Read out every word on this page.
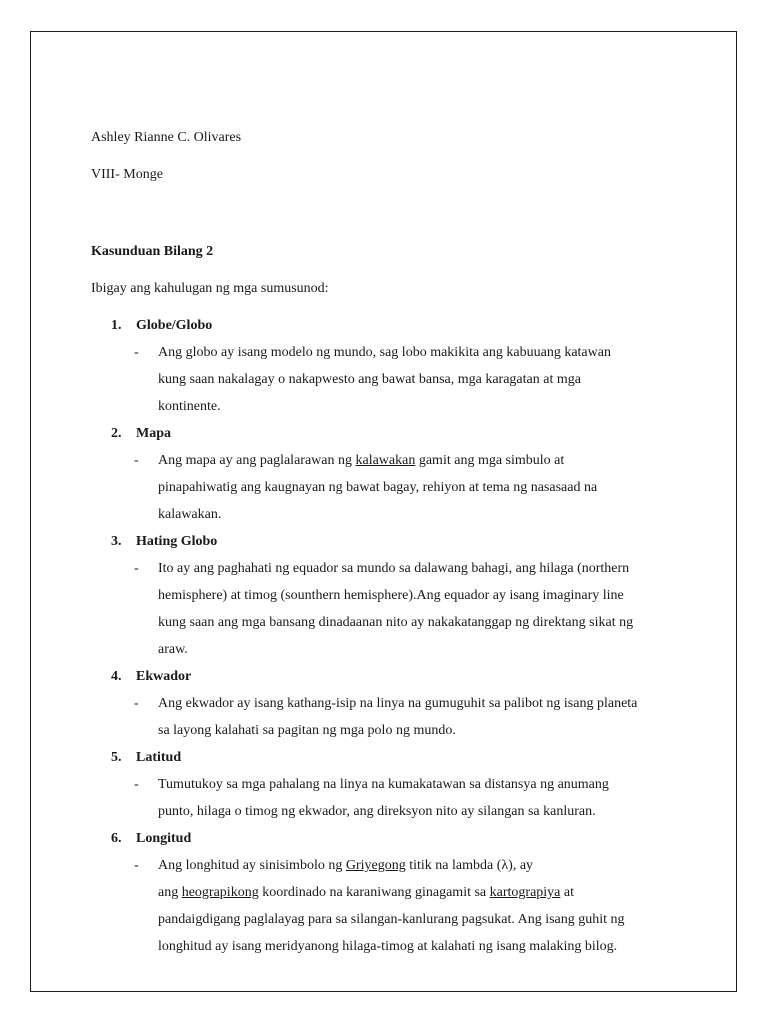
Ashley Rianne C. Olivares

VIII- Monge

Kasunduan Bilang 2

Ibigay ang kahulugan ng mga sumusunod:

1. Globe/Globo

- Ang globo ay isang modelo ng mundo, sag lobo makikita ang kabuuang katawan

kung saan nakalagay o nakapwesto ang bawat bansa, mga karagatan at mga

kontinente.

2. Mapa

- Ang mapa ay ang paglalarawan ng kalawakan gamit ang mga simbulo at

pinapahiwatig ang kaugnayan ng bawat bagay, rehiyon at tema ng nasasaad na

kalawakan.

3. Hating Globo

- Ito ay ang paghahati ng equador sa mundo sa dalawang bahagi, ang hilaga (northern

hemisphere) at timog (sounthern hemisphere).Ang equador ay isang imaginary line

kung saan ang mga bansang dinadaanan nito ay nakakatanggap ng direktang sikat ng

araw.

4. Ekwador

- Ang ekwador ay isang kathang-isip na linya na gumuguhit sa palibot ng isang planeta

sa layong kalahati sa pagitan ng mga polo ng mundo.

5. Latitud

- Tumutukoy sa mga pahalang na linya na kumakatawan sa distansya ng anumang

punto, hilaga o timog ng ekwador, ang direksyon nito ay silangan sa kanluran.

6. Longitud

- Ang longhitud ay sinisimbolo ng Griyegong titik na lambda (λ), ay

ang heograpikong koordinado na karaniwang ginagamit sa kartograpiya at

pandaigdigang paglalayag para sa silangan-kanlurang pagsukat. Ang isang guhit ng

longhitud ay isang meridyanong hilaga-timog at kalahati ng isang malaking bilog.
